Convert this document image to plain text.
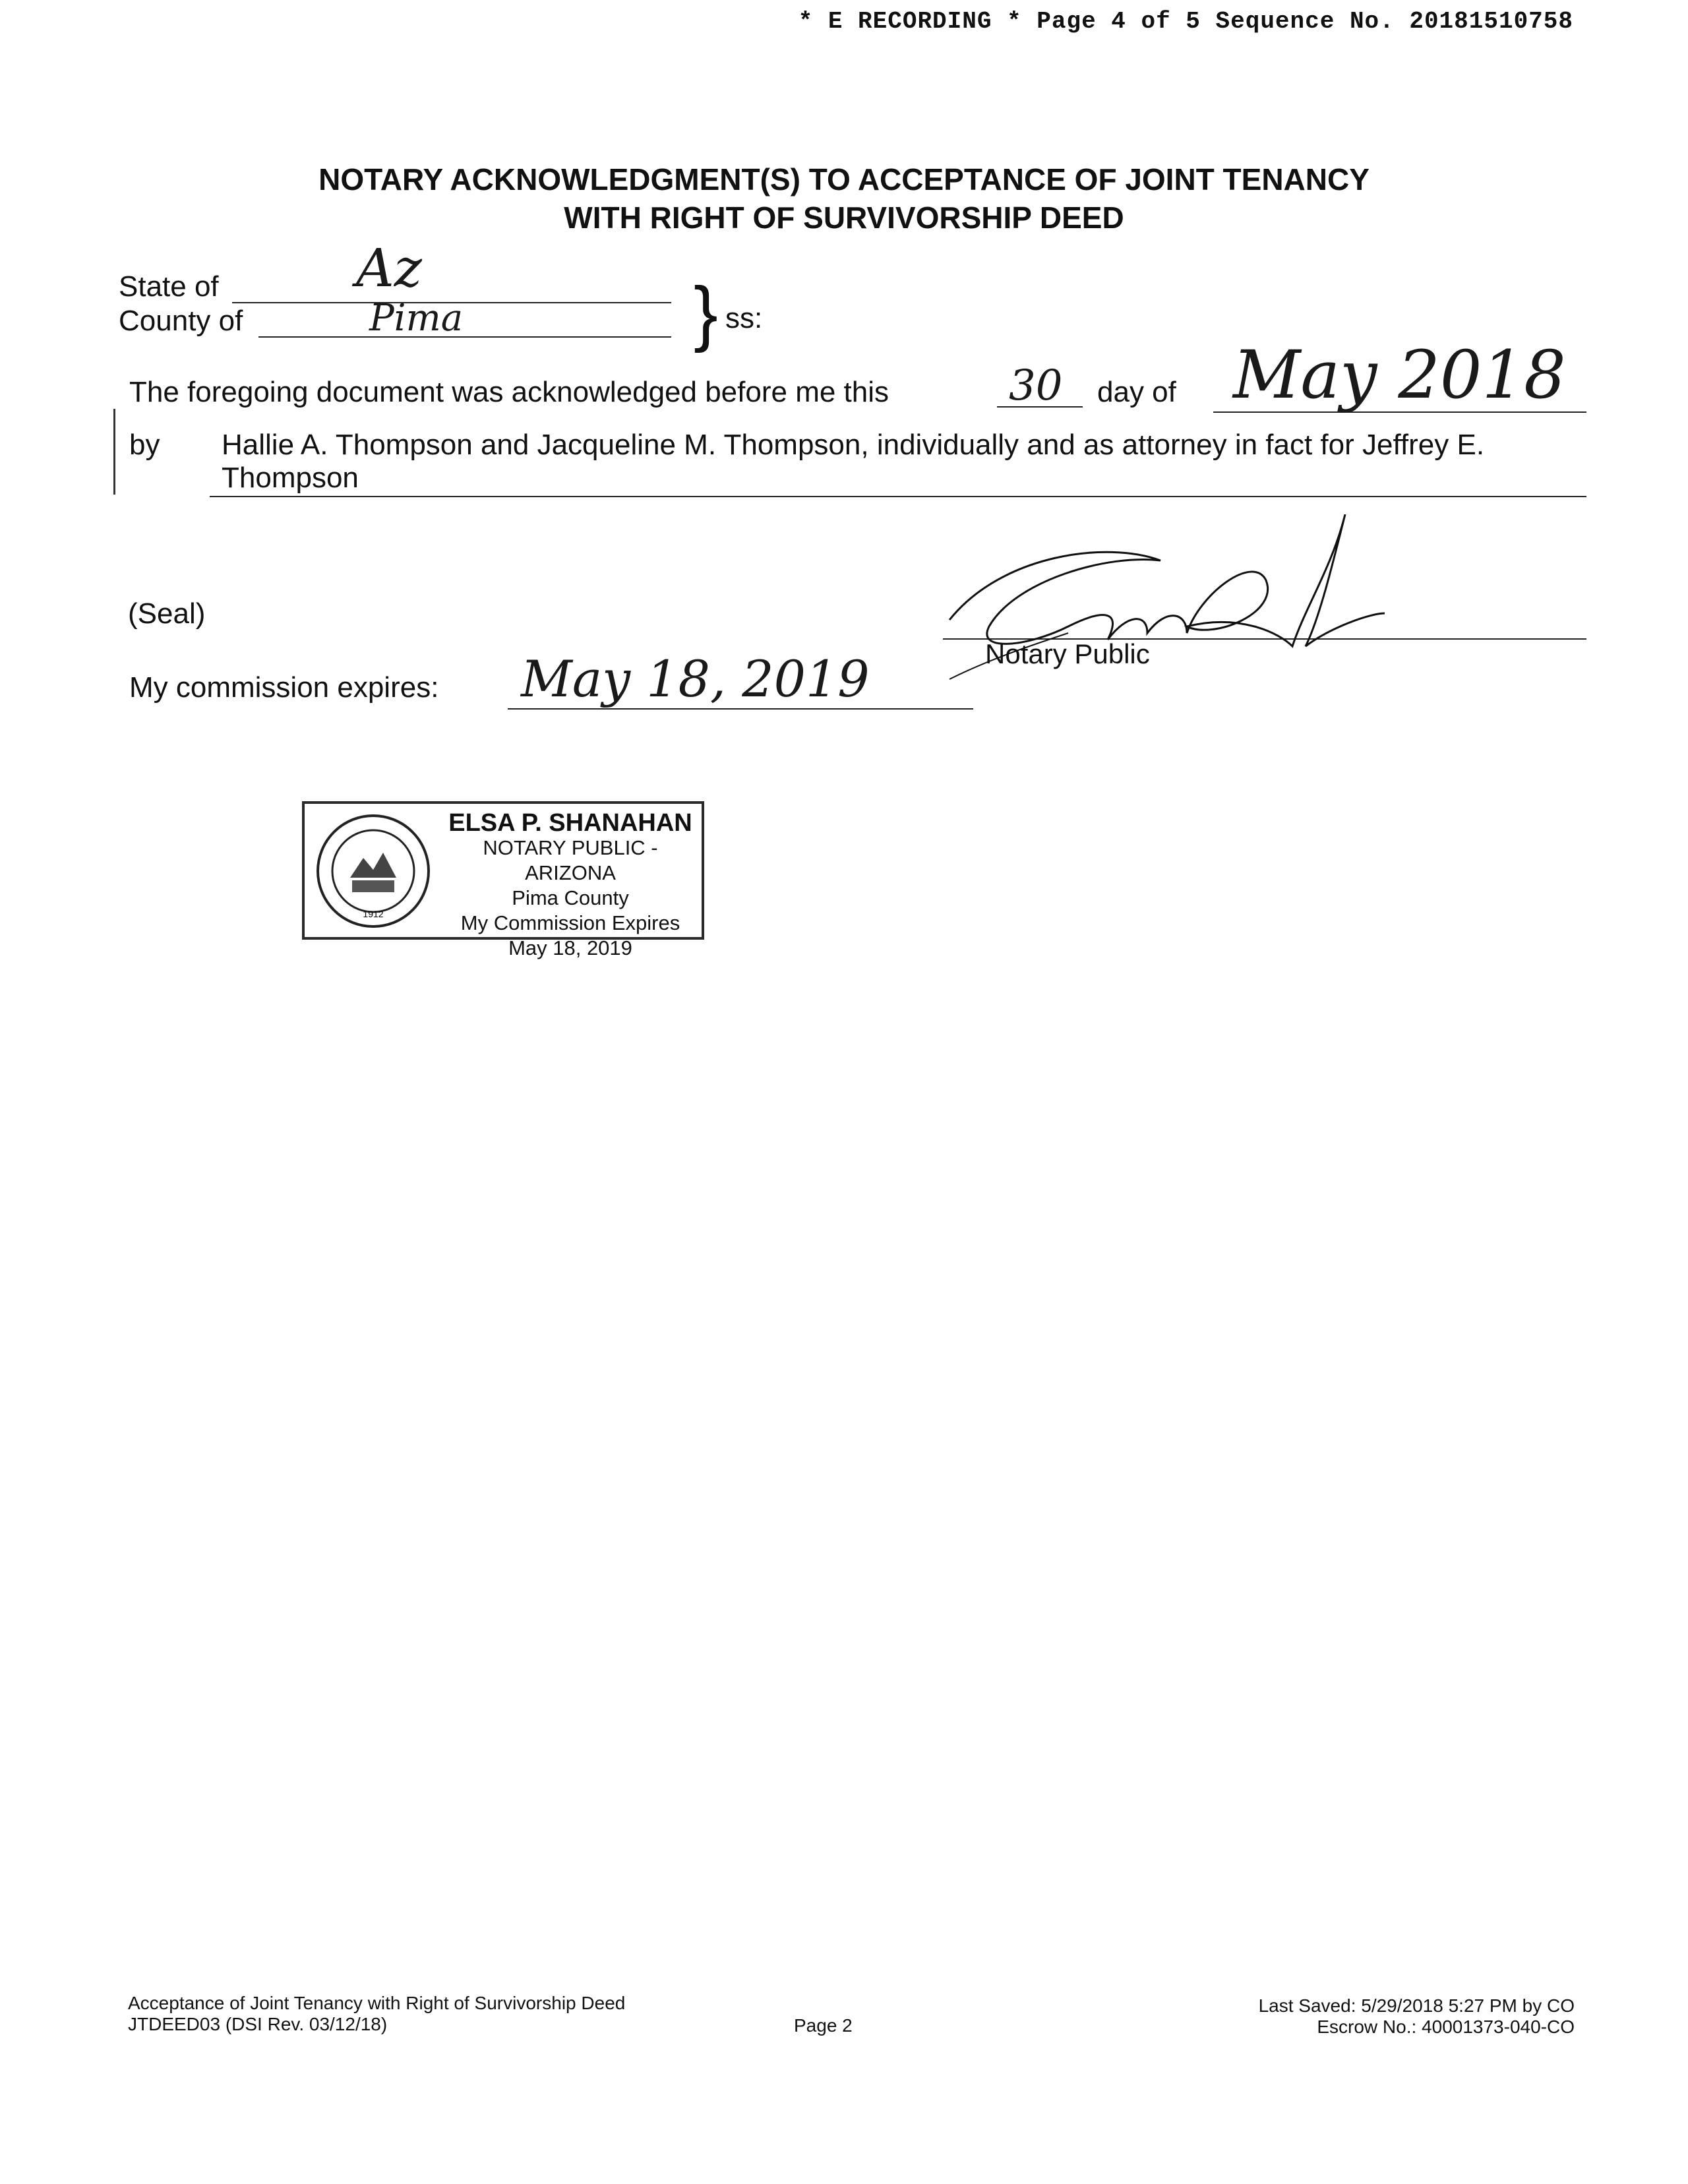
* E RECORDING * Page 4 of 5 Sequence No. 20181510758
NOTARY ACKNOWLEDGMENT(S) TO ACCEPTANCE OF JOINT TENANCY
WITH RIGHT OF SURVIVORSHIP DEED
State of	Az
County of	Pima	} ss:
The foregoing document was acknowledged before me this	30 day of May 2018
by Hallie A. Thompson and Jacqueline M. Thompson, individually and as attorney in fact for Jeffrey E.
Thompson
(Seal)
Notary Public
My commission expires: May 18, 2019
1912
ELSA P. SHANAHAN
NOTARY PUBLIC - ARIZONA
Pima County
My Commission Expires
May 18, 2019
Acceptance of Joint Tenancy with Right of Survivorship Deed
JTDEED03 (DSI Rev. 03/12/18)	Page 2
Last Saved: 5/29/2018 5:27 PM by CO
Escrow No.: 40001373-040-CO
